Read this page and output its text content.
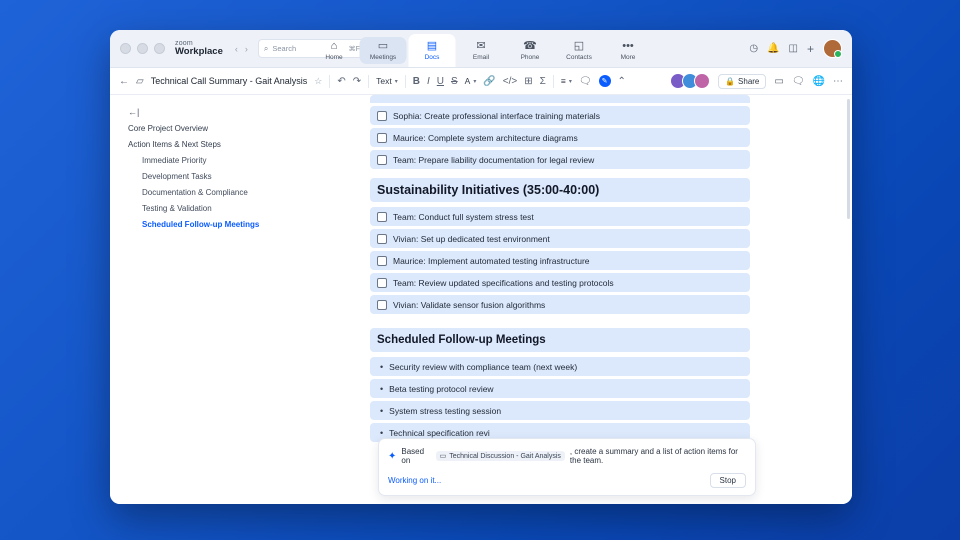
zoom
Workplace ‹ › ⌕ Search	⌘F
⌂
Home
▭
Meetings
▤
Docs
✉
Email
☎
Phone
◱
Contacts
•••
More
◷ 🔔 ◫ +
← ▱ Technical Call Summary - Gait Analysis ☆ ↶ ↷ Text ▾ B I U S A ▾ 🔗 </> ⊞ Σ ≡ ▾ 🗨	✎	⌃	🔒 Share ▭ 🗨 🌐 ⋯
←|
Core Project Overview
Action Items & Next Steps
Immediate Priority
Development Tasks
Documentation & Compliance
Testing & Validation
Scheduled Follow-up Meetings
Sophia: Create professional interface training materials
Maurice: Complete system architecture diagrams
Team: Prepare liability documentation for legal review
Sustainability Initiatives (35:00-40:00)
Team: Conduct full system stress test
Vivian: Set up dedicated test environment
Maurice: Implement automated testing infrastructure
Team: Review updated specifications and testing protocols
Vivian: Validate sensor fusion algorithms
Scheduled Follow-up Meetings
• Security review with compliance team (next week)
• Beta testing protocol review
• System stress testing session
• Technical specification revi
✦ Based on	▭ Technical Discussion - Gait Analysis , create a summary and a list of action items for the team.
Working on it...	Stop
